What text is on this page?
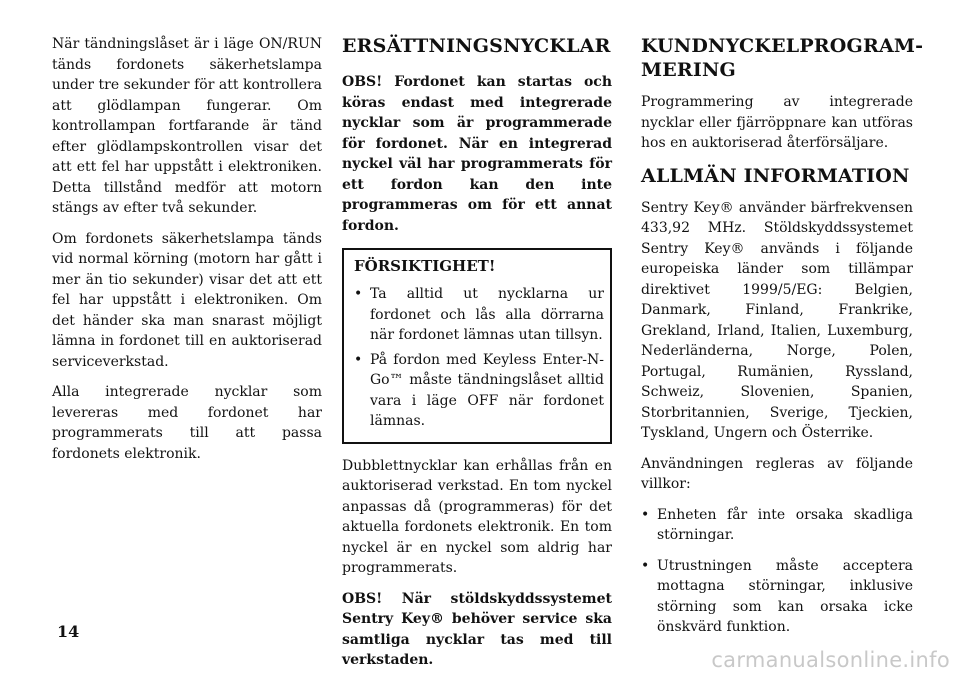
När tändningslåset är i läge ON/RUN tänds fordonets säkerhetslampa under tre sekunder för att kontrollera att glödlampan fungerar. Om kontrollampan fortfarande är tänd efter glödlampskontrollen visar det att ett fel har uppstått i elektroniken. Detta tillstånd medför att motorn stängs av efter två sekunder.

Om fordonets säkerhetslampa tänds vid normal körning (motorn har gått i mer än tio sekunder) visar det att ett fel har uppstått i elektroniken. Om det händer ska man snarast möjligt lämna in fordonet till en auktoriserad serviceverkstad.

Alla integrerade nycklar som levereras med fordonet har programmerats till att passa fordonets elektronik.

ERSÄTTNINGSNYCKLAR

OBS! Fordonet kan startas och köras endast med integrerade nycklar som är programmerade för fordonet. När en integrerad nyckel väl har programmerats för ett fordon kan den inte programmeras om för ett annat fordon.

FÖRSIKTIGHET!
• Ta alltid ut nycklarna ur fordonet och lås alla dörrarna när fordonet lämnas utan tillsyn.
• På fordon med Keyless Enter-N-Go™ måste tändningslåset alltid vara i läge OFF när fordonet lämnas.

Dubblettnycklar kan erhållas från en auktoriserad verkstad. En tom nyckel anpassas då (programmeras) för det aktuella fordonets elektronik. En tom nyckel är en nyckel som aldrig har programmerats.

OBS! När stöldskyddssystemet Sentry Key® behöver service ska samtliga nycklar tas med till verkstaden.

KUNDNYCKELPROGRAM-
MERING

Programmering av integrerade nycklar eller fjärröppnare kan utföras hos en auktoriserad återförsäljare.

ALLMÄN INFORMATION

Sentry Key® använder bärfrekvensen 433,92 MHz. Stöldskyddssystemet Sentry Key® används i följande europeiska länder som tillämpar direktivet 1999/5/EG: Belgien, Danmark, Finland, Frankrike, Grekland, Irland, Italien, Luxemburg, Nederländerna, Norge, Polen, Portugal, Rumänien, Ryssland, Schweiz, Slovenien, Spanien, Storbritannien, Sverige, Tjeckien, Tyskland, Ungern och Österrike.

Användningen regleras av följande villkor:

• Enheten får inte orsaka skadliga störningar.
• Utrustningen måste acceptera mottagna störningar, inklusive störning som kan orsaka icke önskvärd funktion.
14
carmanualsonline.info
